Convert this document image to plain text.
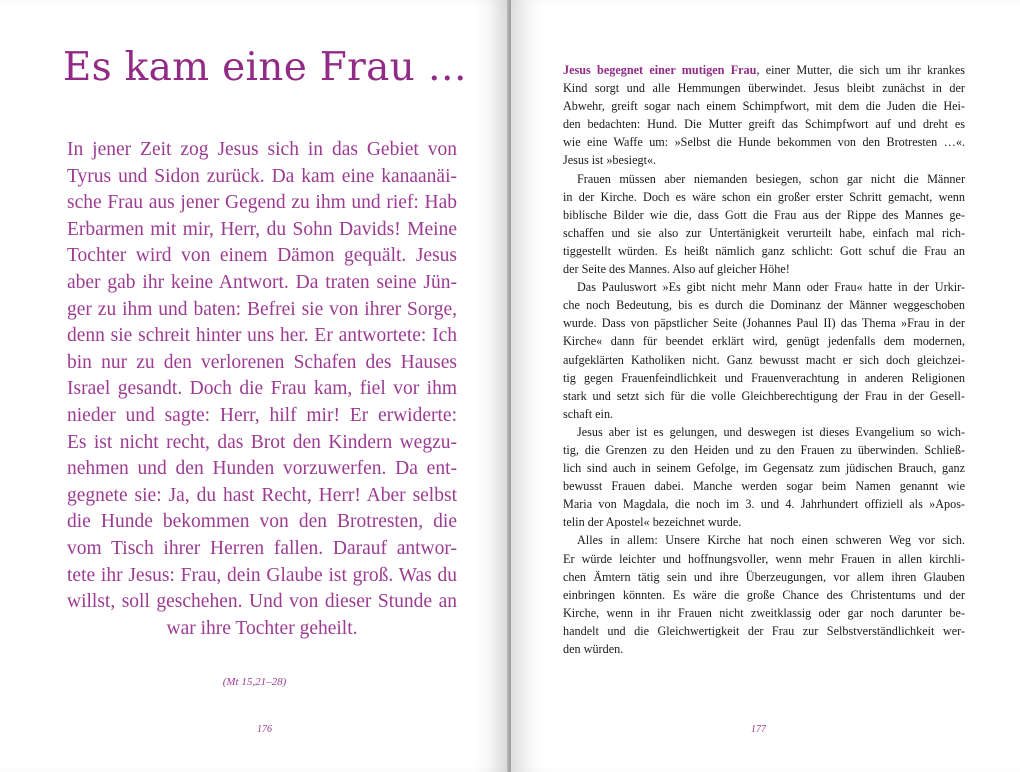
Es kam eine Frau …
In jener Zeit zog Jesus sich in das Gebiet von
Tyrus und Sidon zurück. Da kam eine kanaanäi-
sche Frau aus jener Gegend zu ihm und rief: Hab
Erbarmen mit mir, Herr, du Sohn Davids! Meine
Tochter wird von einem Dämon gequält. Jesus
aber gab ihr keine Antwort. Da traten seine Jün-
ger zu ihm und baten: Befrei sie von ihrer Sorge,
denn sie schreit hinter uns her. Er antwortete: Ich
bin nur zu den verlorenen Schafen des Hauses
Israel gesandt. Doch die Frau kam, fiel vor ihm
nieder und sagte: Herr, hilf mir! Er erwiderte:
Es ist nicht recht, das Brot den Kindern wegzu-
nehmen und den Hunden vorzuwerfen. Da ent-
gegnete sie: Ja, du hast Recht, Herr! Aber selbst
die Hunde bekommen von den Brotresten, die
vom Tisch ihrer Herren fallen. Darauf antwor-
tete ihr Jesus: Frau, dein Glaube ist groß. Was du
willst, soll geschehen. Und von dieser Stunde an
war ihre Tochter geheilt.

(Mt 15,21–28)

176

Jesus begegnet einer mutigen Frau, einer Mutter, die sich um ihr krankes
Kind sorgt und alle Hemmungen überwindet. Jesus bleibt zunächst in der
Abwehr, greift sogar nach einem Schimpfwort, mit dem die Juden die Hei-
den bedachten: Hund. Die Mutter greift das Schimpfwort auf und dreht es
wie eine Waffe um: »Selbst die Hunde bekommen von den Brotresten …«.
Jesus ist »besiegt«.
Frauen müssen aber niemanden besiegen, schon gar nicht die Männer
in der Kirche. Doch es wäre schon ein großer erster Schritt gemacht, wenn
biblische Bilder wie die, dass Gott die Frau aus der Rippe des Mannes ge-
schaffen und sie also zur Untertänigkeit verurteilt habe, einfach mal rich-
tiggestellt würden. Es heißt nämlich ganz schlicht: Gott schuf die Frau an
der Seite des Mannes. Also auf gleicher Höhe!
Das Pauluswort »Es gibt nicht mehr Mann oder Frau« hatte in der Urkir-
che noch Bedeutung, bis es durch die Dominanz der Männer weggeschoben
wurde. Dass von päpstlicher Seite (Johannes Paul II) das Thema »Frau in der
Kirche« dann für beendet erklärt wird, genügt jedenfalls dem modernen,
aufgeklärten Katholiken nicht. Ganz bewusst macht er sich doch gleichzei-
tig gegen Frauenfeindlichkeit und Frauenverachtung in anderen Religionen
stark und setzt sich für die volle Gleichberechtigung der Frau in der Gesell-
schaft ein.
Jesus aber ist es gelungen, und deswegen ist dieses Evangelium so wich-
tig, die Grenzen zu den Heiden und zu den Frauen zu überwinden. Schließ-
lich sind auch in seinem Gefolge, im Gegensatz zum jüdischen Brauch, ganz
bewusst Frauen dabei. Manche werden sogar beim Namen genannt wie
Maria von Magdala, die noch im 3. und 4. Jahrhundert offiziell als »Apos-
telin der Apostel« bezeichnet wurde.
Alles in allem: Unsere Kirche hat noch einen schweren Weg vor sich.
Er würde leichter und hoffnungsvoller, wenn mehr Frauen in allen kirchli-
chen Ämtern tätig sein und ihre Überzeugungen, vor allem ihren Glauben
einbringen könnten. Es wäre die große Chance des Christentums und der
Kirche, wenn in ihr Frauen nicht zweitklassig oder gar noch darunter be-
handelt und die Gleichwertigkeit der Frau zur Selbstverständlichkeit wer-
den würden.

177
